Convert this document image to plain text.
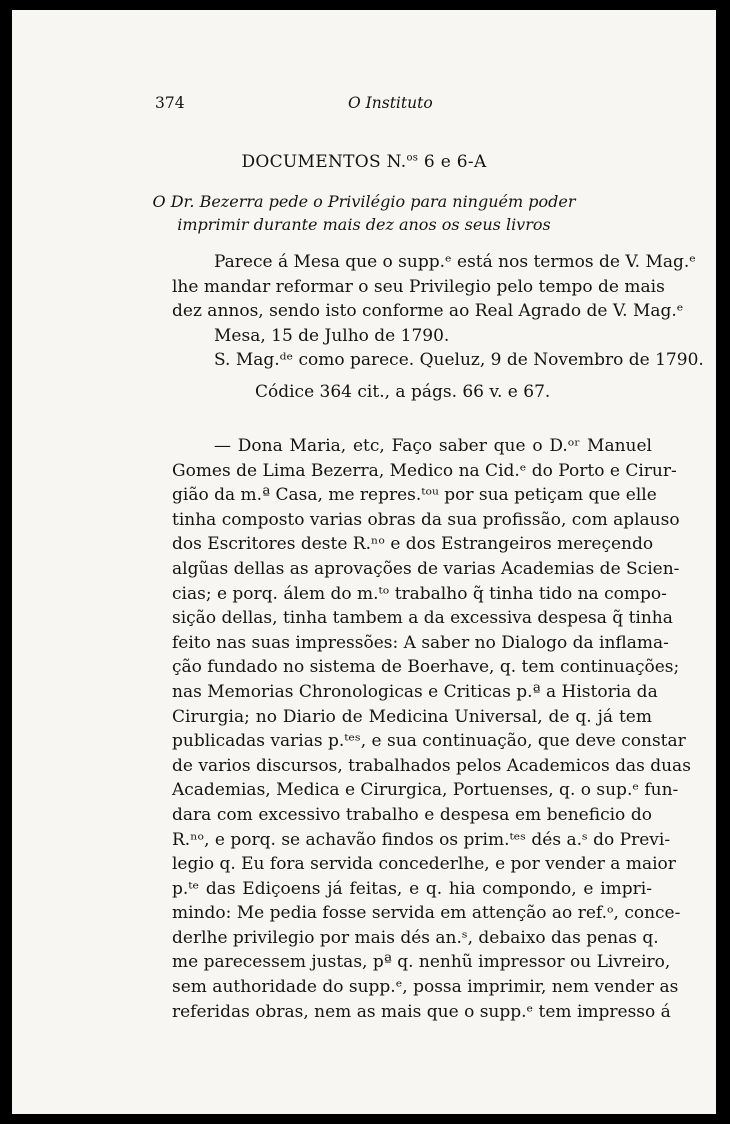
374	O Instituto
DOCUMENTOS N.$^{os}$ 6 e 6-A
O Dr. Bezerra pede o Privilégio para ninguém poder
imprimir durante mais dez anos os seus livros
Parece á Mesa que o supp.ᵉ está nos termos de V. Mag.ᵉ
lhe mandar reformar o seu Privilegio pelo tempo de mais
dez annos, sendo isto conforme ao Real Agrado de V. Mag.ᵉ
Mesa, 15 de Julho de 1790.
S. Mag.ᵈᵉ como parece. Queluz, 9 de Novembro de 1790.
Códice 364 cit., a págs. 66 v. e 67.
— Dona Maria, etc, Faço saber que o D.ᵒʳ Manuel
Gomes de Lima Bezerra, Medico na Cid.ᵉ do Porto e Cirur-
gião da m.ª Casa, me repres.ᵗᵒᵘ por sua petiçam que elle
tinha composto varias obras da sua profissão, com aplauso
dos Escritores deste R.ⁿᵒ e dos Estrangeiros mereçendo
algũas dellas as aprovações de varias Academias de Scien-
cias; e porq. álem do m.ᵗᵒ trabalho q̃ tinha tido na compo-
sição dellas, tinha tambem a da excessiva despesa q̃ tinha
feito nas suas impressões: A saber no Dialogo da inflama-
ção fundado no sistema de Boerhave, q. tem continuações;
nas Memorias Chronologicas e Criticas p.ª a Historia da
Cirurgia; no Diario de Medicina Universal, de q. já tem
publicadas varias p.ᵗᵉˢ, e sua continuação, que deve constar
de varios discursos, trabalhados pelos Academicos das duas
Academias, Medica e Cirurgica, Portuenses, q. o sup.ᵉ fun-
dara com excessivo trabalho e despesa em beneficio do
R.ⁿᵒ, e porq. se achavão findos os prim.ᵗᵉˢ dés a.ˢ do Previ-
legio q. Eu fora servida concederlhe, e por vender a maior
p.ᵗᵉ das Ediçoens já feitas, e q. hia compondo, e impri-
mindo: Me pedia fosse servida em attenção ao ref.ᵒ, conce-
derlhe privilegio por mais dés an.ˢ, debaixo das penas q.
me parecessem justas, pª q. nenhũ impressor ou Livreiro,
sem authoridade do supp.ᵉ, possa imprimir, nem vender as
referidas obras, nem as mais que o supp.ᵉ tem impresso á
